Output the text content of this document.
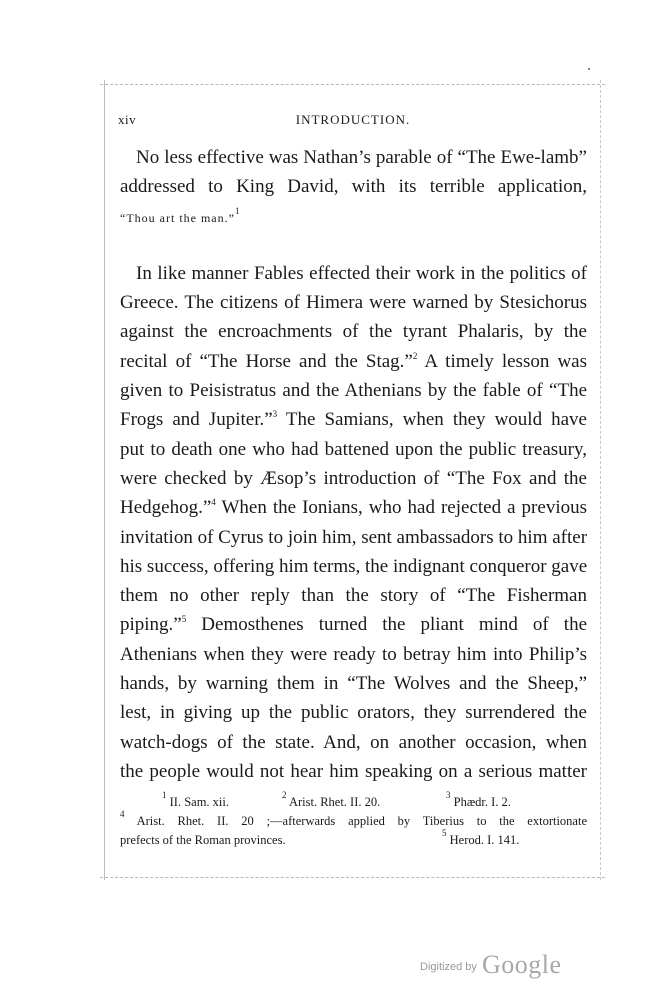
xiv	INTRODUCTION.
No less effective was Nathan’s parable of “The Ewe-lamb”
addressed to King David, with its terrible application,
“Thou art the man.”$^1$
In like manner Fables effected their work in the politics of
Greece. The citizens of Himera were warned by Stesichorus
against the encroachments of the tyrant Phalaris, by the
recital of “The Horse and the Stag.”$^2$ A timely lesson was
given to Peisistratus and the Athenians by the fable of “The
Frogs and Jupiter.”$^3$ The Samians, when they would have
put to death one who had battened upon the public treasury,
were checked by Æsop’s introduction of “The Fox and the
Hedgehog.”$^4$ When the Ionians, who had rejected a previous
invitation of Cyrus to join him, sent ambassadors to him after
his success, offering him terms, the indignant conqueror gave
them no other reply than the story of “The Fisherman
piping.”$^5$ Demosthenes turned the pliant mind of the
Athenians when they were ready to betray him into Philip’s
hands, by warning them in “The Wolves and the Sheep,”
lest, in giving up the public orators, they surrendered the
watch-dogs of the state. And, on another occasion, when
the people would not hear him speaking on a serious matter
$^1$ II. Sam. xii.	$^2$ Arist. Rhet. II. 20.	$^3$ Phædr. I. 2.
$^4$ Arist. Rhet. II. 20 ;—afterwards applied by Tiberius to the extortionate
prefects of the Roman provinces.	$^5$ Herod. I. 141.
Digitized by Google
